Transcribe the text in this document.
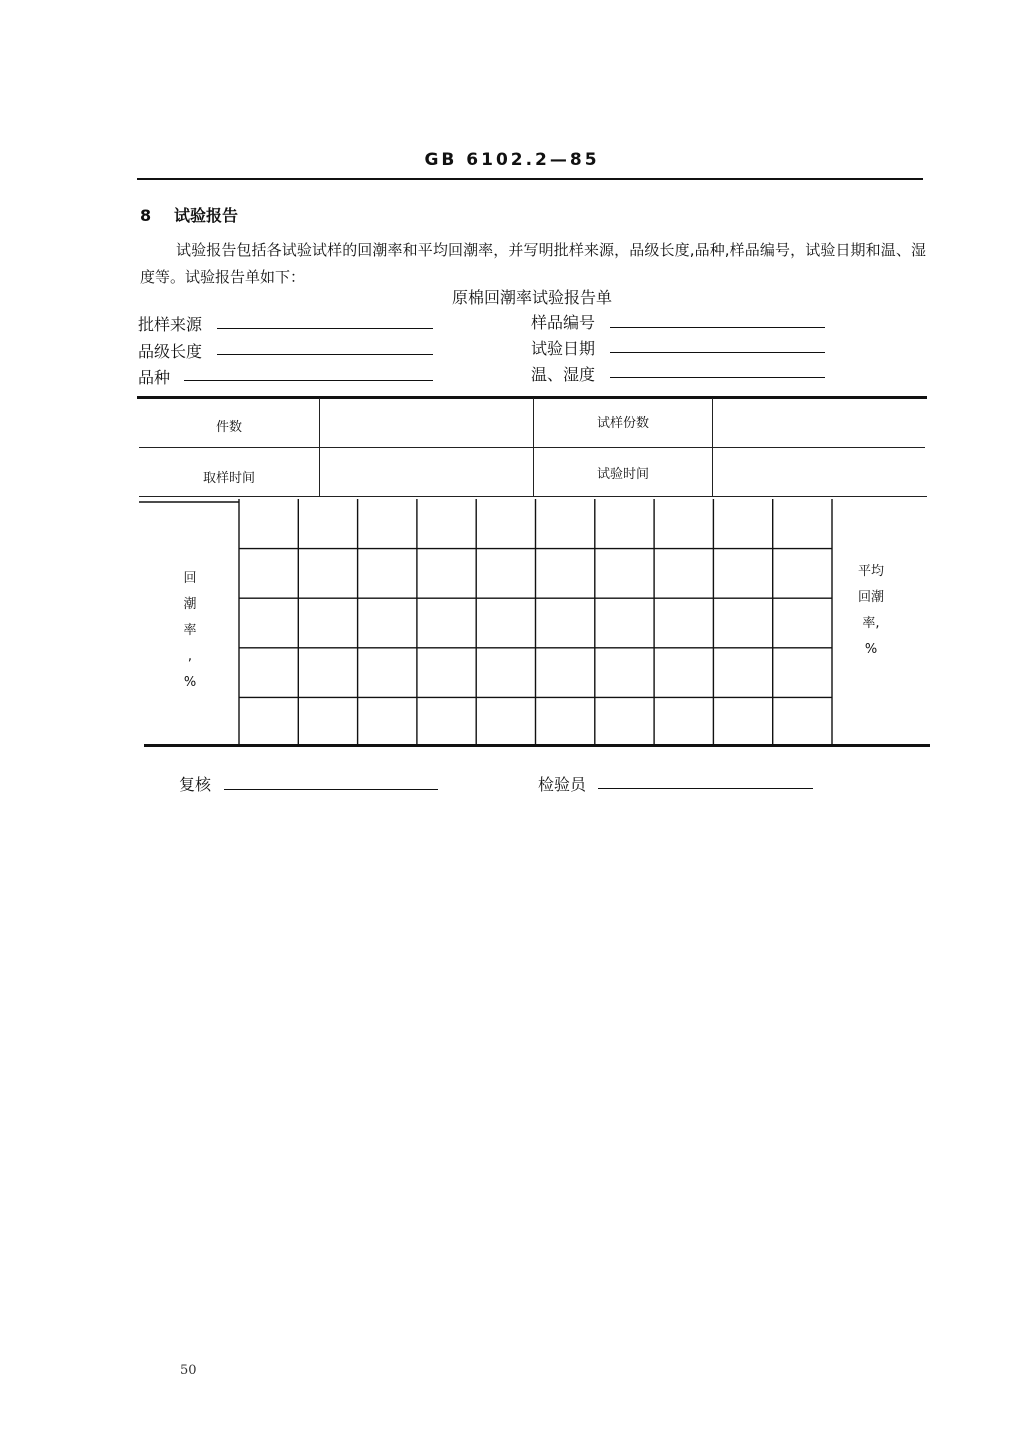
GB 6102.2—85
8 试验报告
试验报告包括各试验试样的回潮率和平均回潮率，并写明批样来源，品级长度,品种,样品编号，试验日期和温、湿度等。试验报告单如下：
原棉回潮率试验报告单
批样来源
品级长度
品种
样品编号
试验日期
温、湿度
件数	试样份数
取样时间	试验时间
回
潮
率
,
%
平均
回潮
率,
%
复核	检验员
50
